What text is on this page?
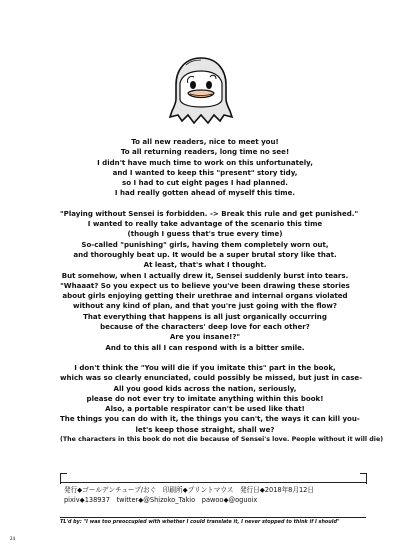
To all new readers, nice to meet you!
To all returning readers, long time no see!
I didn't have much time to work on this unfortunately,
and I wanted to keep this "present" story tidy,
so I had to cut eight pages I had planned.
I had really gotten ahead of myself this time.
"Playing without Sensei is forbidden. -> Break this rule and get punished."
I wanted to really take advantage of the scenario this time
(though I guess that's true every time)
So-called "punishing" girls, having them completely worn out,
and thoroughly beat up. It would be a super brutal story like that.
At least, that's what I thought.
But somehow, when I actually drew it, Sensei suddenly burst into tears.
"Whaaat? So you expect us to believe you've been drawing these stories
about girls enjoying getting their urethrae and internal organs violated
without any kind of plan, and that you're just going with the flow?
That everything that happens is all just organically occurring
because of the characters' deep love for each other?
Are you insane!?"
And to this all I can respond with is a bitter smile.
I don't think the "You will die if you imitate this" part in the book,
which was so clearly enunciated, could possibly be missed, but just in case-
All you good kids across the nation, seriously,
please do not ever try to imitate anything within this book!
Also, a portable respirator can't be used like that!
The things you can do with it, the things you can't, the ways it can kill you-
let's keep those straight, shall we?
(The characters in this book do not die because of Sensei's love. People without it will die)
発行◆ゴールデンチューブ/おぐ　印刷所◆プリントマウス　発行日◆2018年8月12日
pixiv◆138937　twitter◆@Shizoko_Takio　pawoo◆@oguoix
TL'd by: "I was too preoccupied with whether I could translate it, I never stopped to think if I should"
24
